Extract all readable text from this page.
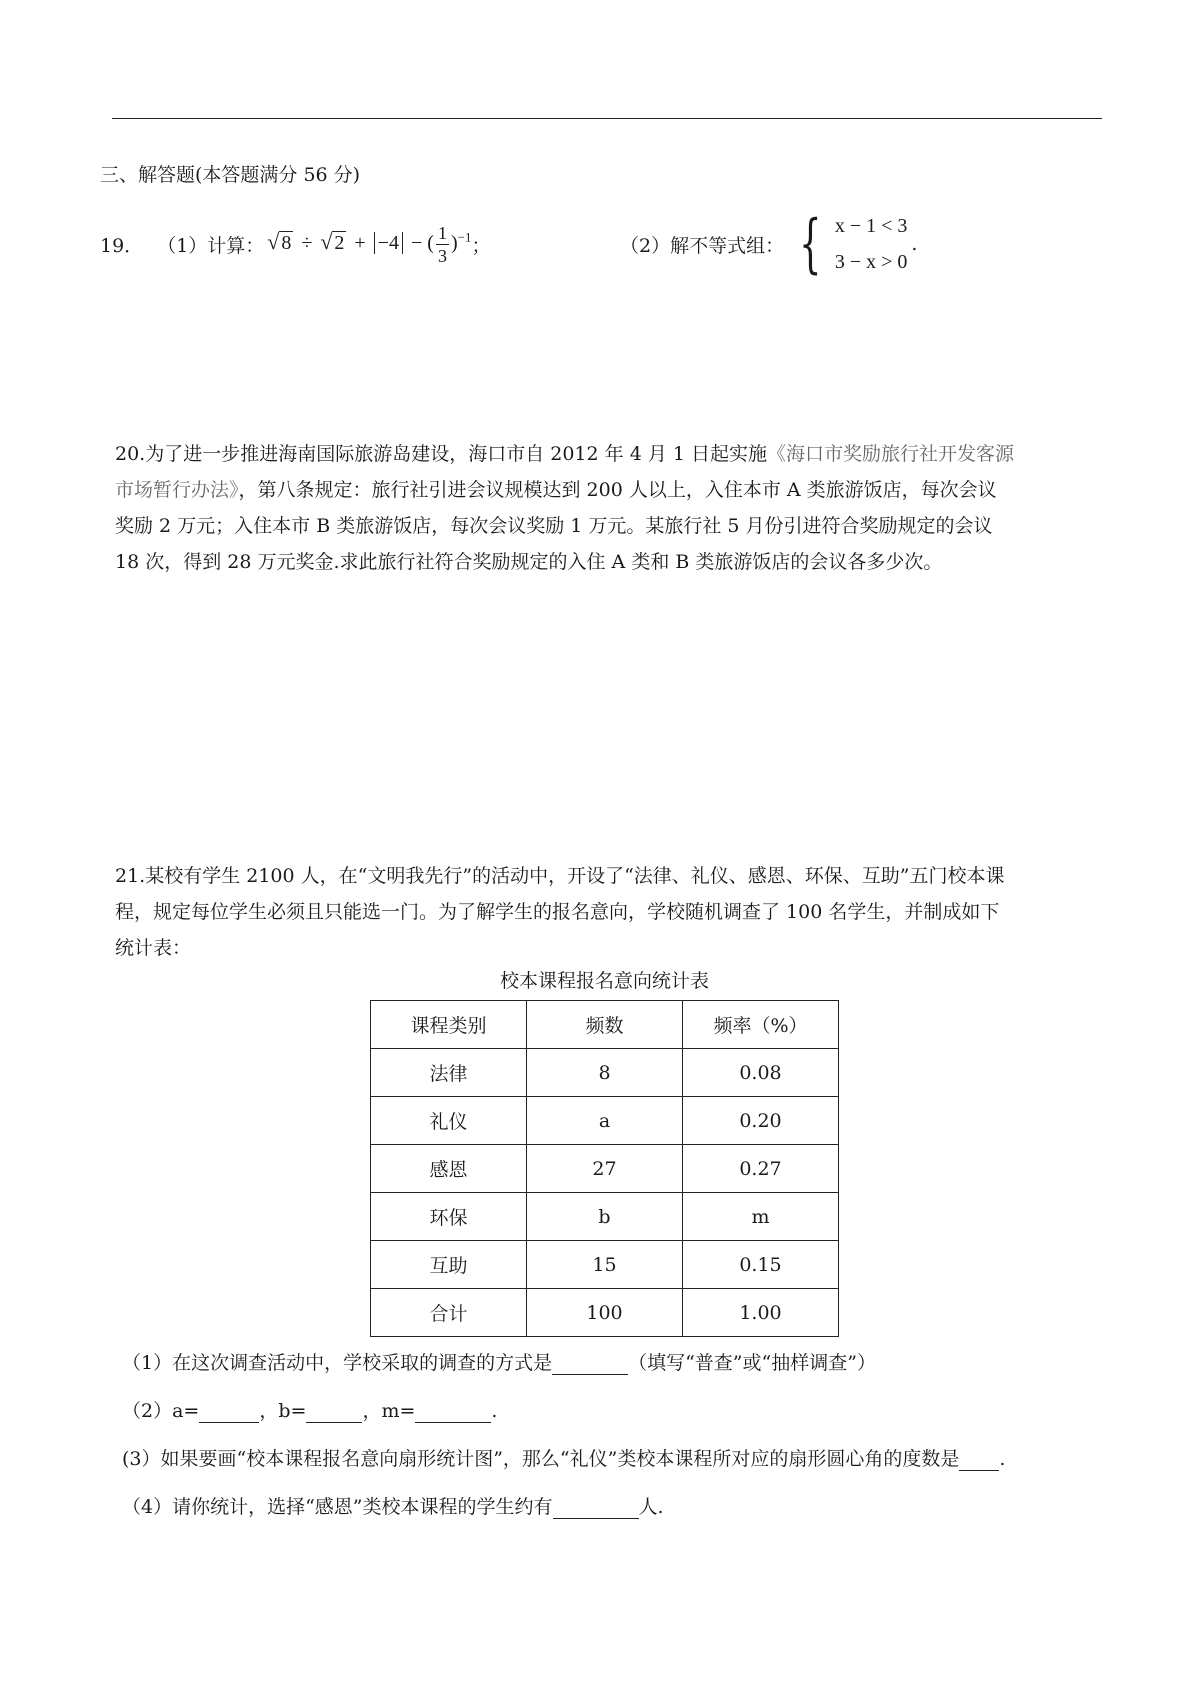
三、解答题(本答题满分 56 分)
19． （1）计算： √ 8 ÷ √ 2 + −4 − ( $\frac{1}{3} )^{-1}$ ；	（2）解不等式组： { x − 1 < 3
3 − x > 0
.
20.为了进一步推进海南国际旅游岛建设，海口市自 2012 年 4 月 1 日起实施《海口市奖励旅行社开发客源
市场暂行办法》，第八条规定：旅行社引进会议规模达到 200 人以上，入住本市 A 类旅游饭店，每次会议
奖励 2 万元；入住本市 B 类旅游饭店，每次会议奖励 1 万元。某旅行社 5 月份引进符合奖励规定的会议
18 次，得到 28 万元奖金.求此旅行社符合奖励规定的入住 A 类和 B 类旅游饭店的会议各多少次。
21.某校有学生 2100 人，在“文明我先行”的活动中，开设了“法律、礼仪、感恩、环保、互助”五门校本课
程，规定每位学生必须且只能选一门。为了解学生的报名意向，学校随机调查了 100 名学生，并制成如下
统计表：
校本课程报名意向统计表
课程类别	频数	频率（%）
法律	8	0.08
礼仪	a	0.20
感恩	27	0.27
环保	b	m
互助	15	0.15
合计	100	1.00
（1）在这次调查活动中，学校采取的调查的方式是	（填写“普查”或“抽样调查”）
（2）a=	，b=	，m=	.
(3）如果要画“校本课程报名意向扇形统计图”，那么“礼仪”类校本课程所对应的扇形圆心角的度数是 .
（4）请你统计，选择“感恩”类校本课程的学生约有	人.
